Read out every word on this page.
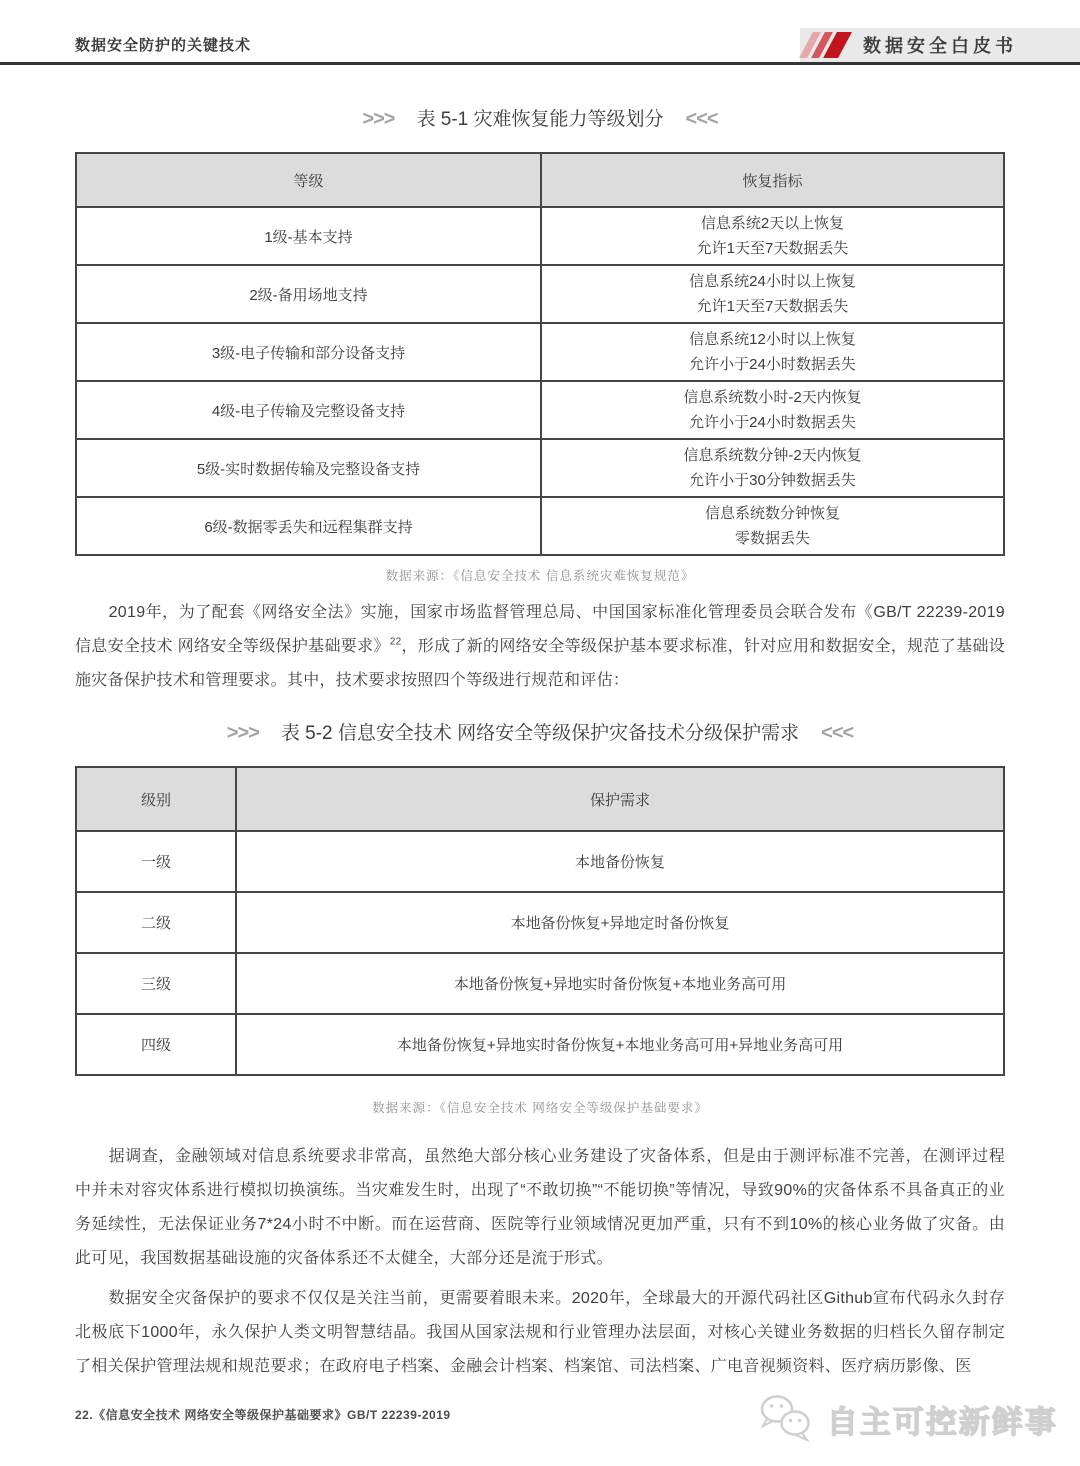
数据安全防护的关键技术	数据安全白皮书
>>> 表 5-1 灾难恢复能力等级划分 <<<
等级	恢复指标
1级-基本支持	信息系统2天以上恢复
允许1天至7天数据丢失

2级-备用场地支持	信息系统24小时以上恢复
允许1天至7天数据丢失

3级-电子传输和部分设备支持	信息系统12小时以上恢复
允许小于24小时数据丢失

4级-电子传输及完整设备支持	信息系统数小时-2天内恢复
允许小于24小时数据丢失

5级-实时数据传输及完整设备支持	信息系统数分钟-2天内恢复
允许小于30分钟数据丢失

6级-数据零丢失和远程集群支持	信息系统数分钟恢复
零数据丢失
数据来源：《信息安全技术 信息系统灾难恢复规范》

2019年，为了配套《网络安全法》实施，国家市场监督管理总局、中国国家标准化管理委员会联合发布《GB/T 22239-2019信息安全技术 网络安全等级保护基础要求》$^{22}$，形成了新的网络安全等级保护基本要求标准，针对应用和数据安全，规范了基础设施灾备保护技术和管理要求。其中，技术要求按照四个等级进行规范和评估：

>>> 表 5-2 信息安全技术 网络安全等级保护灾备技术分级保护需求 <<<
级别	保护需求
一级	本地备份恢复
二级	本地备份恢复+异地定时备份恢复
三级	本地备份恢复+异地实时备份恢复+本地业务高可用
四级	本地备份恢复+异地实时备份恢复+本地业务高可用+异地业务高可用
数据来源：《信息安全技术 网络安全等级保护基础要求》

据调查，金融领域对信息系统要求非常高，虽然绝大部分核心业务建设了灾备体系，但是由于测评标准不完善，在测评过程中并未对容灾体系进行模拟切换演练。当灾难发生时，出现了“不敢切换”“不能切换”等情况，导致90%的灾备体系不具备真正的业务延续性，无法保证业务7*24小时不中断。而在运营商、医院等行业领域情况更加严重，只有不到10%的核心业务做了灾备。由此可见，我国数据基础设施的灾备体系还不太健全，大部分还是流于形式。

数据安全灾备保护的要求不仅仅是关注当前，更需要着眼未来。2020年，全球最大的开源代码社区Github宣布代码永久封存北极底下1000年，永久保护人类文明智慧结晶。我国从国家法规和行业管理办法层面，对核心关键业务数据的归档长久留存制定了相关保护管理法规和规范要求；在政府电子档案、金融会计档案、档案馆、司法档案、广电音视频资料、医疗病历影像、医

22.《信息安全技术 网络安全等级保护基础要求》GB/T 22239-2019	自主可控新鲜事
